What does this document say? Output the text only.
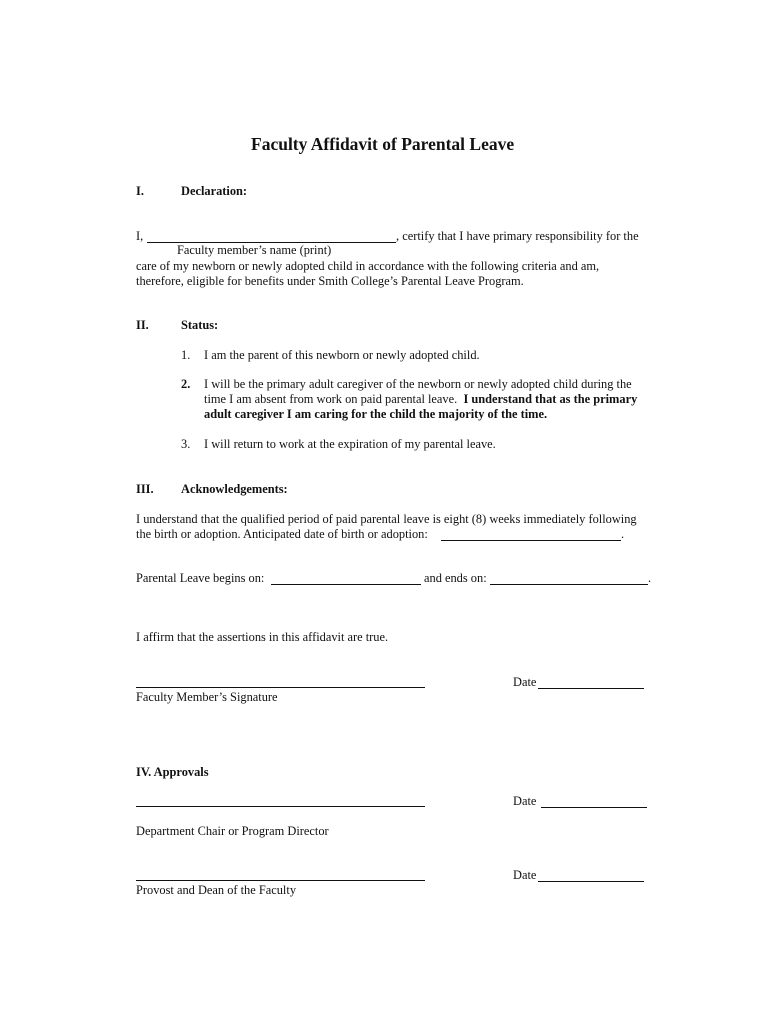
Faculty Affidavit of Parental Leave
I.	Declaration:
I,	, certify that I have primary responsibility for the
Faculty member’s name (print)
care of my newborn or newly adopted child in accordance with the following criteria and am,
therefore, eligible for benefits under Smith College’s Parental Leave Program.
II.	Status:
1. I am the parent of this newborn or newly adopted child.
2. I will be the primary adult caregiver of the newborn or newly adopted child during the
time I am absent from work on paid parental leave. I understand that as the primary
adult caregiver I am caring for the child the majority of the time.
3. I will return to work at the expiration of my parental leave.
III. Acknowledgements:
I understand that the qualified period of paid parental leave is eight (8) weeks immediately following
the birth or adoption. Anticipated date of birth or adoption:	.
Parental Leave begins on:	and ends on:	.
I affirm that the assertions in this affidavit are true.
Date
Faculty Member’s Signature
IV. Approvals
Date
Department Chair or Program Director
Date
Provost and Dean of the Faculty
